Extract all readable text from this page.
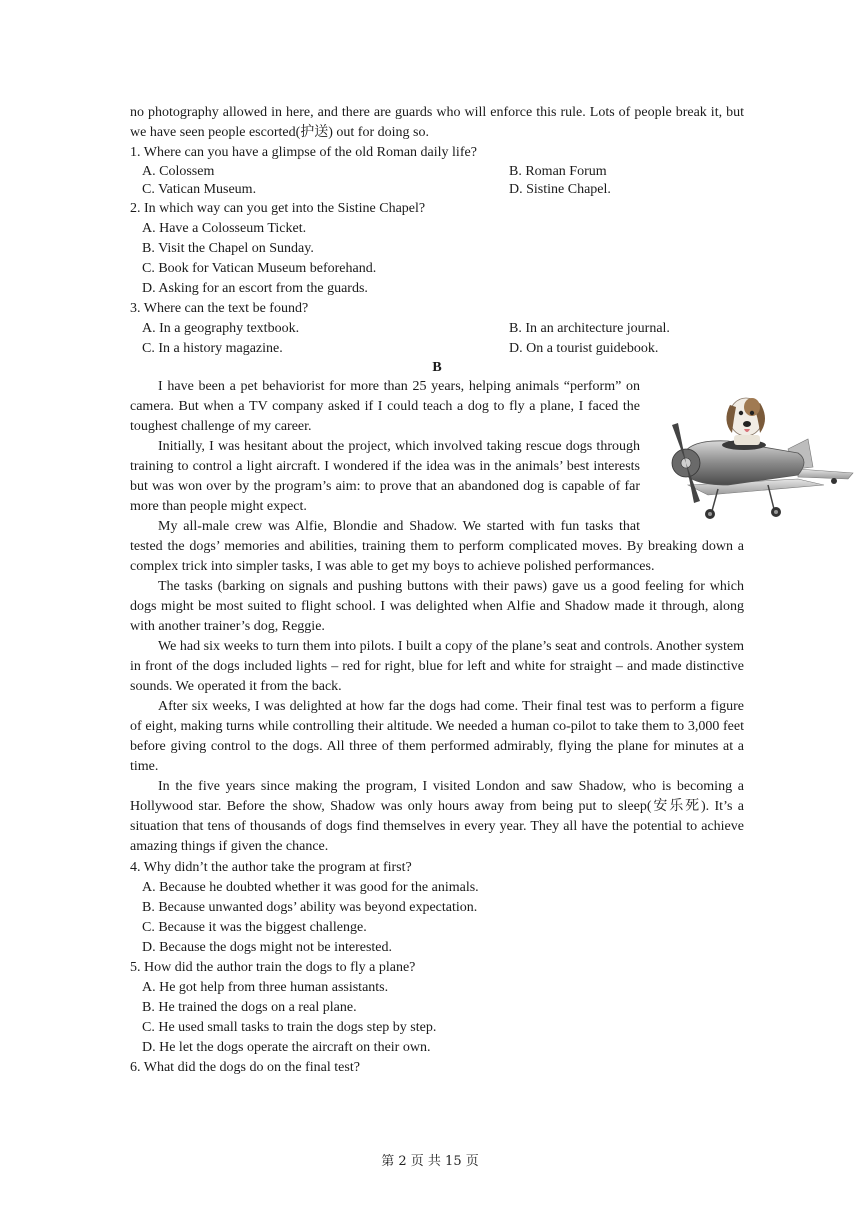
no photography allowed in here, and there are guards who will enforce this rule. Lots of people break it, but we have seen people escorted(护送) out for doing so.

1. Where can you have a glimpse of the old Roman daily life?
A. Colossem	B. Roman Forum
C. Vatican Museum.	D. Sistine Chapel.
2. In which way can you get into the Sistine Chapel?
A. Have a Colosseum Ticket.
B. Visit the Chapel on Sunday.
C. Book for Vatican Museum beforehand.
D. Asking for an escort from the guards.
3. Where can the text be found?
A. In a geography textbook.	B. In an architecture journal.
C. In a history magazine.	D. On a tourist guidebook.
B

I have been a pet behaviorist for more than 25 years, helping animals “perform” on camera. But when a TV company asked if I could teach a dog to fly a plane, I faced the toughest challenge of my career.

Initially, I was hesitant about the project, which involved taking rescue dogs through training to control a light aircraft. I wondered if the idea was in the animals’ best interests but was won over by the program’s aim: to prove that an abandoned dog is capable of far more than people might expect.

My all-male crew was Alfie, Blondie and Shadow. We started with fun tasks that tested the dogs’ memories and abilities, training them to perform complicated moves. By breaking down a complex trick into simpler tasks, I was able to get my boys to achieve polished performances.

The tasks (barking on signals and pushing buttons with their paws) gave us a good feeling for which dogs might be most suited to flight school. I was delighted when Alfie and Shadow made it through, along with another trainer’s dog, Reggie.

We had six weeks to turn them into pilots. I built a copy of the plane’s seat and controls. Another system in front of the dogs included lights – red for right, blue for left and white for straight – and made distinctive sounds. We operated it from the back.

After six weeks, I was delighted at how far the dogs had come. Their final test was to perform a figure of eight, making turns while controlling their altitude. We needed a human co-pilot to take them to 3,000 feet before giving control to the dogs. All three of them performed admirably, flying the plane for minutes at a time.

In the five years since making the program, I visited London and saw Shadow, who is becoming a Hollywood star. Before the show, Shadow was only hours away from being put to sleep(安乐死). It’s a situation that tens of thousands of dogs find themselves in every year. They all have the potential to achieve amazing things if given the chance.

4. Why didn’t the author take the program at first?
A. Because he doubted whether it was good for the animals.
B. Because unwanted dogs’ ability was beyond expectation.
C. Because it was the biggest challenge.
D. Because the dogs might not be interested.
5. How did the author train the dogs to fly a plane?
A. He got help from three human assistants.
B. He trained the dogs on a real plane.
C. He used small tasks to train the dogs step by step.
D. He let the dogs operate the aircraft on their own.
6. What did the dogs do on the final test?
第 2 页 共 15 页
